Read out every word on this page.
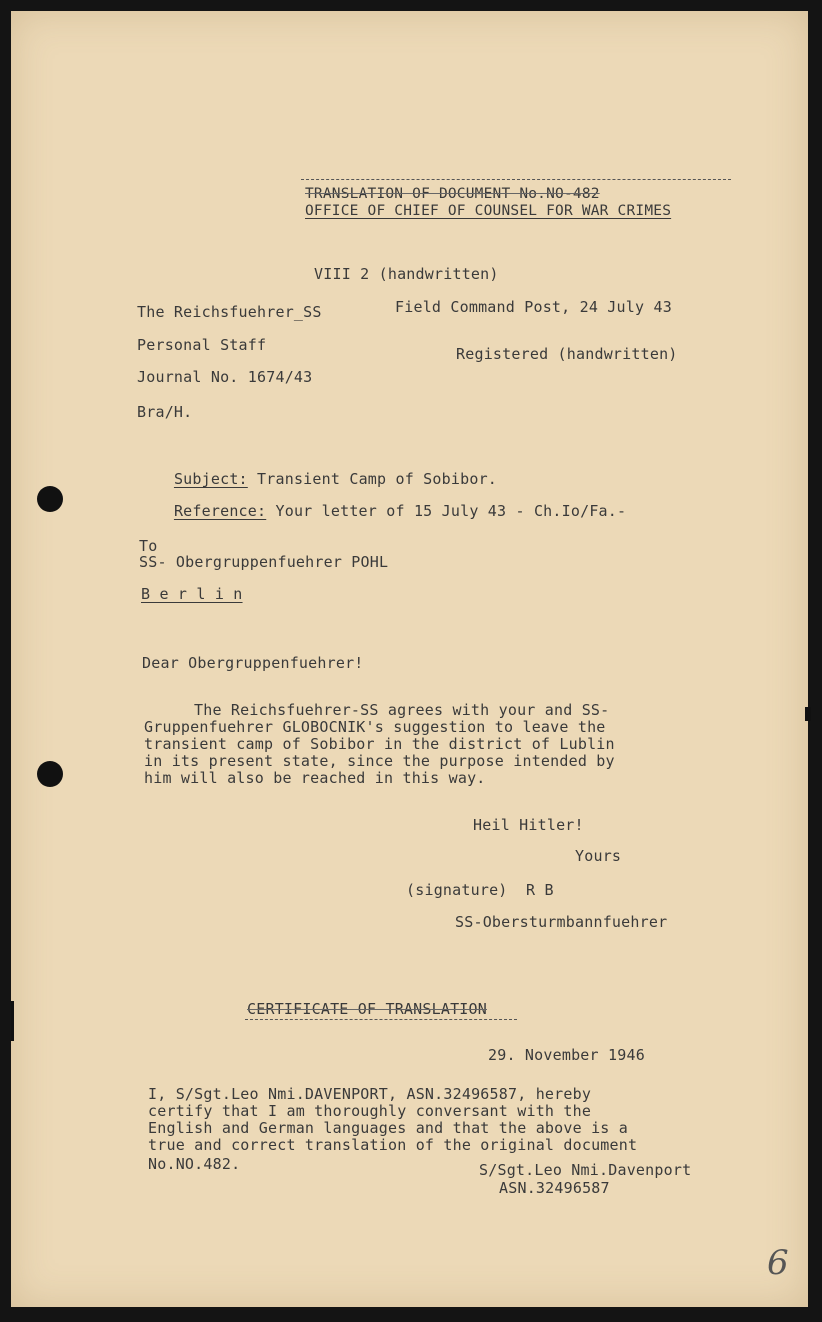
TRANSLATION OF DOCUMENT No.NO-482
OFFICE OF CHIEF OF COUNSEL FOR WAR CRIMES
VIII 2 (handwritten)
The Reichsfuehrer_SS	Field Command Post, 24 July 43
Personal Staff	Registered (handwritten)
Journal No. 1674/43
Bra/H.

Subject: Transient Camp of Sobibor.

Reference: Your letter of 15 July 43 - Ch.Io/Fa.-

To
SS- Obergruppenfuehrer POHL
B e r l i n
Dear Obergruppenfuehrer!
The Reichsfuehrer-SS agrees with your and SS-
Gruppenfuehrer GLOBOCNIK's suggestion to leave the
transient camp of Sobibor in the district of Lublin
in its present state, since the purpose intended by
him will also be reached in this way.
Heil Hitler!
Yours
(signature)  R B
SS-Obersturmbannfuehrer
CERTIFICATE OF TRANSLATION
29. November 1946
I, S/Sgt.Leo Nmi.DAVENPORT, ASN.32496587, hereby
certify that I am thoroughly conversant with the
English and German languages and that the above is a
true and correct translation of the original document
No.NO.482.	S/Sgt.Leo Nmi.Davenport
ASN.32496587
6
